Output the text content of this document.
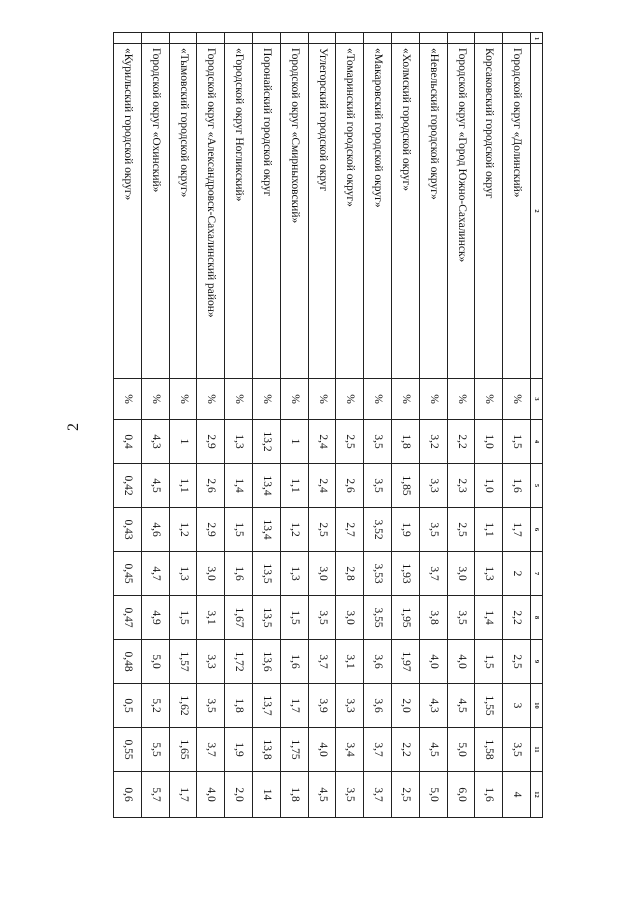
2
1	2	3	4	5	6	7	8	9	10	11	12
	Городской округ «Долинский»	%	1,5	1,6	1,7	2	2,2	2,5	3	3,5	4
	Корсаковский городской округ	%	1,0	1,0	1,1	1,3	1,4	1,5	1,55	1,58	1,6
	Городской округ «Город Южно-Сахалинск»	%	2,2	2,3	2,5	3,0	3,5	4,0	4,5	5,0	6,0
	«Невельский городской округ»	%	3,2	3,3	3,5	3,7	3,8	4,0	4,3	4,5	5,0
	«Холмский городской округ»	%	1,8	1,85	1,9	1,93	1,95	1,97	2,0	2,2	2,5
	«Макаровский городской округ»	%	3,5	3,5	3,52	3,53	3,55	3,6	3,6	3,7	3,7
	«Томаринский городской округ»	%	2,5	2,6	2,7	2,8	3,0	3,1	3,3	3,4	3,5
	Углегорский городской округ	%	2,4	2,4	2,5	3,0	3,5	3,7	3,9	4,0	4,5
	Городской округ «Смирныховский»	%	1	1,1	1,2	1,3	1,5	1,6	1,7	1,75	1,8
	Поронайский городской округ	%	13,2	13,4	13,4	13,5	13,5	13,6	13,7	13,8	14
	«Городской округ Ногликский»	%	1,3	1,4	1,5	1,6	1,67	1,72	1,8	1,9	2,0
	Городской округ «Александровск-Сахалинский район»	%	2,9	2,6	2,9	3,0	3,1	3,3	3,5	3,7	4,0
	«Тымовский городской округ»	%	1	1,1	1,2	1,3	1,5	1,57	1,62	1,65	1,7
	Городской округ «Охинский»	%	4,3	4,5	4,6	4,7	4,9	5,0	5,2	5,5	5,7
	«Курильский городской округ»	%	0,4	0,42	0,43	0,45	0,47	0,48	0,5	0,55	0,6
